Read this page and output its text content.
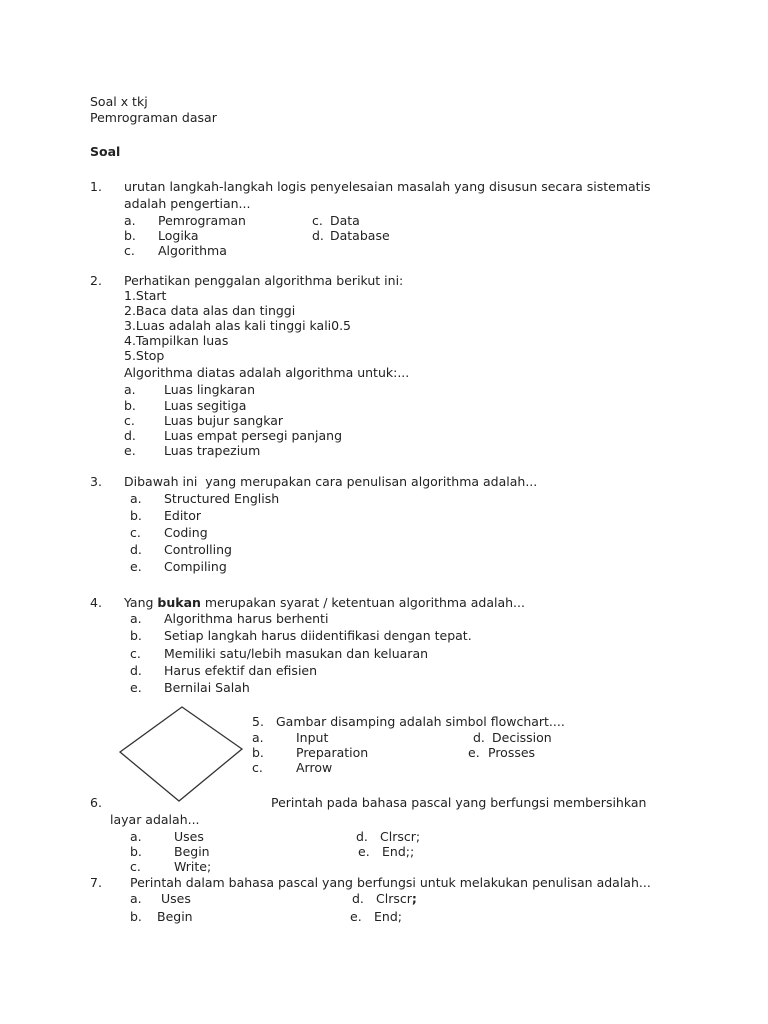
Soal x tkj
Pemrograman dasar
Soal
1. urutan langkah-langkah logis penyelesaian masalah yang disusun secara sistematis
adalah pengertian...
a. Pemrograman
b. Logika
c. Algorithma
c. Data
d. Database
2. Perhatikan penggalan algorithma berikut ini:
1.Start
2.Baca data alas dan tinggi
3.Luas adalah alas kali tinggi kali0.5
4.Tampilkan luas
5.Stop
Algorithma diatas adalah algorithma untuk:...
a. Luas lingkaran
b. Luas segitiga
c. Luas bujur sangkar
d. Luas empat persegi panjang
e. Luas trapezium
3. Dibawah ini  yang merupakan cara penulisan algorithma adalah...
a. Structured English
b. Editor
c. Coding
d. Controlling
e. Compiling
4. Yang bukan merupakan syarat / ketentuan algorithma adalah...
a. Algorithma harus berhenti
b. Setiap langkah harus diidentifikasi dengan tepat.
c. Memiliki satu/lebih masukan dan keluaran
d. Harus efektif dan efisien
e. Bernilai Salah
5. Gambar disamping adalah simbol flowchart....
a.	Input
b.	Preparation
c.	Arrow
d. Decission
e. Prosses
6.	Perintah pada bahasa pascal yang berfungsi membersihkan
layar adalah...
a.	Uses
b.	Begin
c.	Write;
d. Clrscr;
e. End;;
7. Perintah dalam bahasa pascal yang berfungsi untuk melakukan penulisan adalah...
a. Uses
b. Begin
d. Clrscr;
e. End;
